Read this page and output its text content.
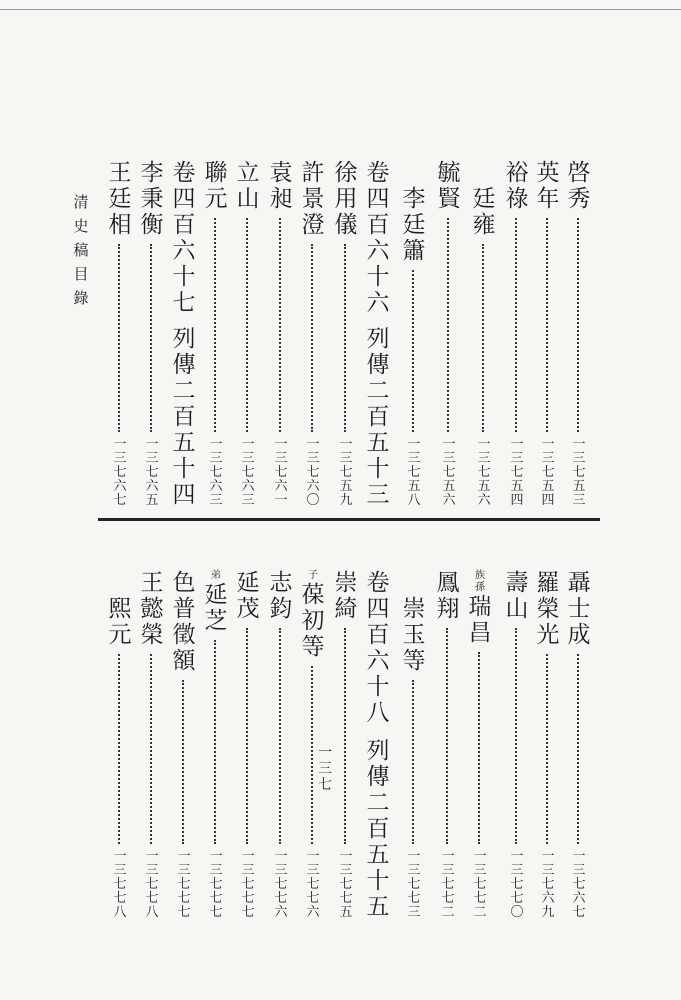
清
史
稿
目
錄
啓
秀
一
三
七
五
三
英
年
一
三
七
五
四
裕
祿
一
三
七
五
四
廷
雍
一
三
七
五
六
毓
賢
一
三
七
五
六
李
廷
簫
一
三
七
五
八
卷
四
百
六
十
六
列
傳
二
百
五
十
三
徐
用
儀
一
三
七
五
九
許
景
澄
一
三
七
六
〇
袁
昶
一
三
七
六
一
立
山
一
三
七
六
三
聯
元
一
三
七
六
三
卷
四
百
六
十
七
列
傳
二
百
五
十
四
李
秉
衡
一
三
七
六
五
王
廷
相
一
三
七
六
七
聶
士
成
一
三
七
六
七
羅
榮
光
一
三
七
六
九
壽
山
一
三
七
七
〇
族
孫
瑞
昌
一
三
七
七
二
鳳
翔
一
三
七
七
二
崇
玉
等
一
三
七
七
三
卷
四
百
六
十
八
列
傳
二
百
五
十
五
崇
綺
一
三
七
七
五
子
葆
初
等
一
三
七
七
六
志
鈞
一
三
七
七
六
延
茂
一
三
七
七
七
弟
延
芝
一
三
七
七
七
色
普
徵
額
一
三
七
七
七
王
懿
榮
一
三
七
七
八
熙
元
一
三
七
七
八
一
三
七
